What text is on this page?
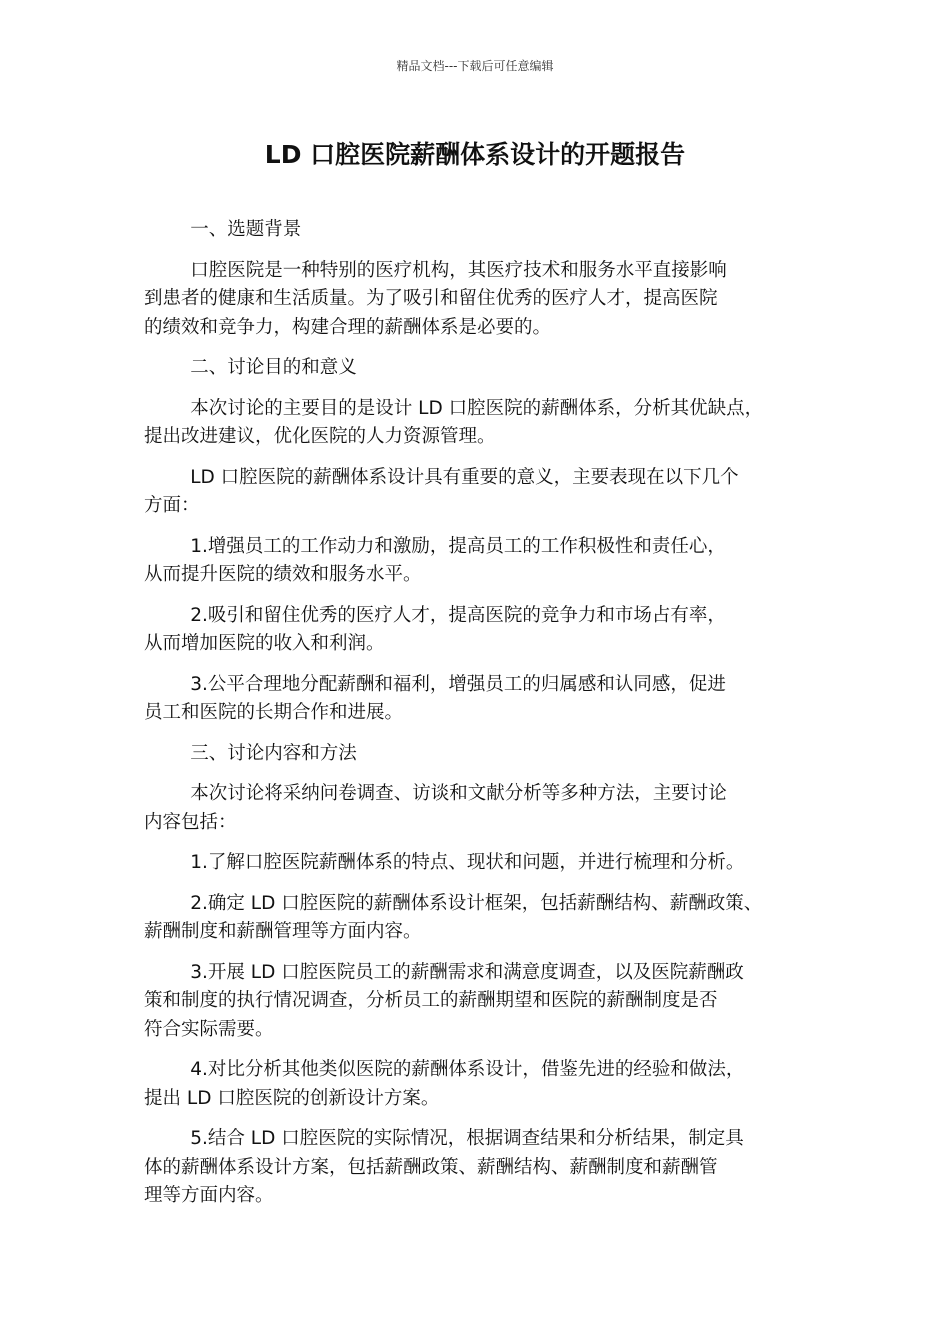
精品文档---下载后可任意编辑
LD 口腔医院薪酬体系设计的开题报告

一、选题背景

口腔医院是一种特别的医疗机构，其医疗技术和服务水平直接影响
到患者的健康和生活质量。为了吸引和留住优秀的医疗人才，提高医院
的绩效和竞争力，构建合理的薪酬体系是必要的。

二、讨论目的和意义

本次讨论的主要目的是设计 LD 口腔医院的薪酬体系，分析其优缺点，
提出改进建议，优化医院的人力资源管理。

LD 口腔医院的薪酬体系设计具有重要的意义，主要表现在以下几个
方面：

1.增强员工的工作动力和激励，提高员工的工作积极性和责任心，
从而提升医院的绩效和服务水平。

2.吸引和留住优秀的医疗人才，提高医院的竞争力和市场占有率，
从而增加医院的收入和利润。

3.公平合理地分配薪酬和福利，增强员工的归属感和认同感，促进
员工和医院的长期合作和进展。

三、讨论内容和方法

本次讨论将采纳问卷调查、访谈和文献分析等多种方法，主要讨论
内容包括：

1.了解口腔医院薪酬体系的特点、现状和问题，并进行梳理和分析。

2.确定 LD 口腔医院的薪酬体系设计框架，包括薪酬结构、薪酬政策、
薪酬制度和薪酬管理等方面内容。

3.开展 LD 口腔医院员工的薪酬需求和满意度调查，以及医院薪酬政
策和制度的执行情况调查，分析员工的薪酬期望和医院的薪酬制度是否
符合实际需要。

4.对比分析其他类似医院的薪酬体系设计，借鉴先进的经验和做法，
提出 LD 口腔医院的创新设计方案。

5.结合 LD 口腔医院的实际情况，根据调查结果和分析结果，制定具
体的薪酬体系设计方案，包括薪酬政策、薪酬结构、薪酬制度和薪酬管
理等方面内容。
